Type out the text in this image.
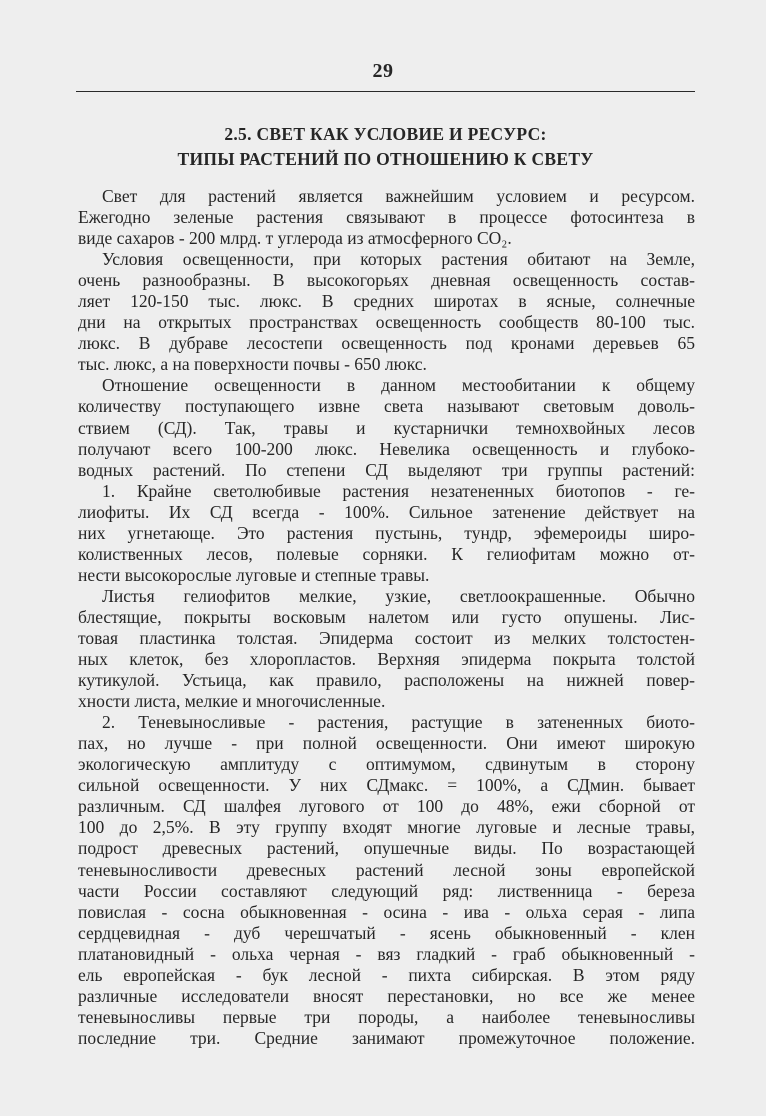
29
2.5. СВЕТ КАК УСЛОВИЕ И РЕСУРС:
ТИПЫ РАСТЕНИЙ ПО ОТНОШЕНИЮ К СВЕТУ
Свет для растений является важнейшим условием и ресурсом.
Ежегодно зеленые растения связывают в процессе фотосинтеза в
виде сахаров - 200 млрд. т углерода из атмосферного CO₂.
Условия освещенности, при которых растения обитают на Земле,
очень разнообразны. В высокогорьях дневная освещенность состав-
ляет 120-150 тыс. люкс. В средних широтах в ясные, солнечные
дни на открытых пространствах освещенность сообществ 80-100 тыс.
люкс. В дубраве лесостепи освещенность под кронами деревьев 65
тыс. люкс, а на поверхности почвы - 650 люкс.
Отношение освещенности в данном местообитании к общему
количеству поступающего извне света называют световым доволь-
ствием (СД). Так, травы и кустарнички темнохвойных лесов
получают всего 100-200 люкс. Невелика освещенность и глубоко-
водных растений. По степени СД выделяют три группы растений:
1. Крайне светолюбивые растения незатененных биотопов - ге-
лиофиты. Их СД всегда - 100%. Сильное затенение действует на
них угнетающе. Это растения пустынь, тундр, эфемероиды широ-
колиственных лесов, полевые сорняки. К гелиофитам можно от-
нести высокорослые луговые и степные травы.
Листья гелиофитов мелкие, узкие, светлоокрашенные. Обычно
блестящие, покрыты восковым налетом или густо опушены. Лис-
товая пластинка толстая. Эпидерма состоит из мелких толстостен-
ных клеток, без хлоропластов. Верхняя эпидерма покрыта толстой
кутикулой. Устьица, как правило, расположены на нижней повер-
хности листа, мелкие и многочисленные.
2. Теневыносливые - растения, растущие в затененных биото-
пах, но лучше - при полной освещенности. Они имеют широкую
экологическую амплитуду с оптимумом, сдвинутым в сторону
сильной освещенности. У них СДмакс. = 100%, а СДмин. бывает
различным. СД шалфея лугового от 100 до 48%, ежи сборной от
100 до 2,5%. В эту группу входят многие луговые и лесные травы,
подрост древесных растений, опушечные виды. По возрастающей
теневыносливости древесных растений лесной зоны европейской
части России составляют следующий ряд: лиственница - береза
повислая - сосна обыкновенная - осина - ива - ольха серая - липа
сердцевидная - дуб черешчатый - ясень обыкновенный - клен
платановидный - ольха черная - вяз гладкий - граб обыкновенный -
ель европейская - бук лесной - пихта сибирская. В этом ряду
различные исследователи вносят перестановки, но все же менее
теневыносливы первые три породы, а наиболее теневыносливы
последние три. Средние занимают промежуточное положение.
